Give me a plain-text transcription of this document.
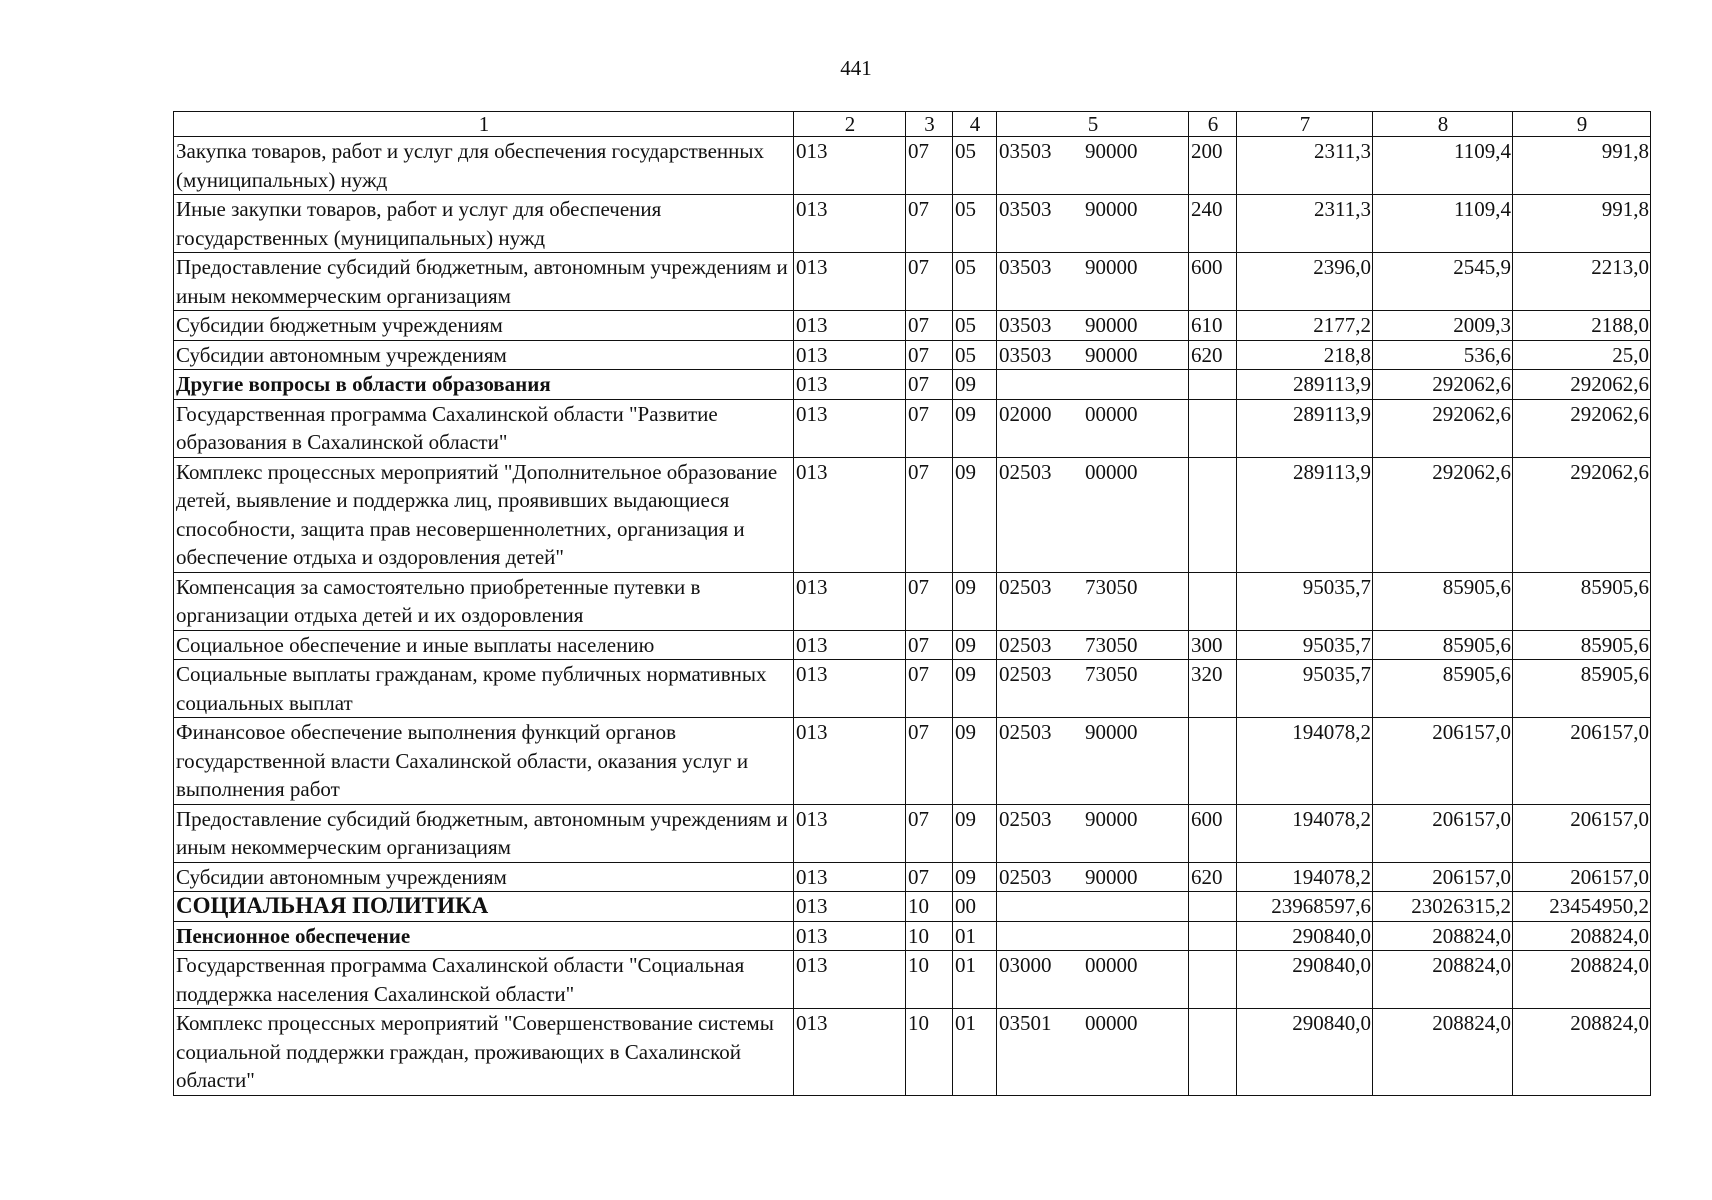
441
1	2	3	4	5	6	7	8	9
Закупка товаров, работ и услуг для обеспечения государственных (муниципальных) нужд	013	07	05	03503 90000	200	2311,3	1109,4	991,8
Иные закупки товаров, работ и услуг для обеспечения государственных (муниципальных) нужд	013	07	05	03503 90000	240	2311,3	1109,4	991,8
Предоставление субсидий бюджетным, автономным учреждениям и иным некоммерческим организациям	013	07	05	03503 90000	600	2396,0	2545,9	2213,0
Субсидии бюджетным учреждениям	013	07	05	03503 90000	610	2177,2	2009,3	2188,0
Субсидии автономным учреждениям	013	07	05	03503 90000	620	218,8	536,6	25,0
Другие вопросы в области образования	013	07	09			289113,9	292062,6	292062,6
Государственная программа Сахалинской области "Развитие образования в Сахалинской области"	013	07	09	02000 00000		289113,9	292062,6	292062,6
Комплекс процессных мероприятий "Дополнительное образование детей, выявление и поддержка лиц, проявивших выдающиеся способности, защита прав несовершеннолетних, организация и обеспечение отдыха и оздоровления детей"	013	07	09	02503 00000		289113,9	292062,6	292062,6
Компенсация за самостоятельно приобретенные путевки в организации отдыха детей и их оздоровления	013	07	09	02503 73050		95035,7	85905,6	85905,6
Социальное обеспечение и иные выплаты населению	013	07	09	02503 73050	300	95035,7	85905,6	85905,6
Социальные выплаты гражданам, кроме публичных нормативных социальных выплат	013	07	09	02503 73050	320	95035,7	85905,6	85905,6
Финансовое обеспечение выполнения функций органов государственной власти Сахалинской области, оказания услуг и выполнения работ	013	07	09	02503 90000		194078,2	206157,0	206157,0
Предоставление субсидий бюджетным, автономным учреждениям и иным некоммерческим организациям	013	07	09	02503 90000	600	194078,2	206157,0	206157,0
Субсидии автономным учреждениям	013	07	09	02503 90000	620	194078,2	206157,0	206157,0
СОЦИАЛЬНАЯ ПОЛИТИКА	013	10	00			23968597,6	23026315,2	23454950,2
Пенсионное обеспечение	013	10	01			290840,0	208824,0	208824,0
Государственная программа Сахалинской области "Социальная поддержка населения Сахалинской области"	013	10	01	03000 00000		290840,0	208824,0	208824,0
Комплекс процессных мероприятий "Совершенствование системы социальной поддержки граждан, проживающих в Сахалинской области"	013	10	01	03501 00000		290840,0	208824,0	208824,0
